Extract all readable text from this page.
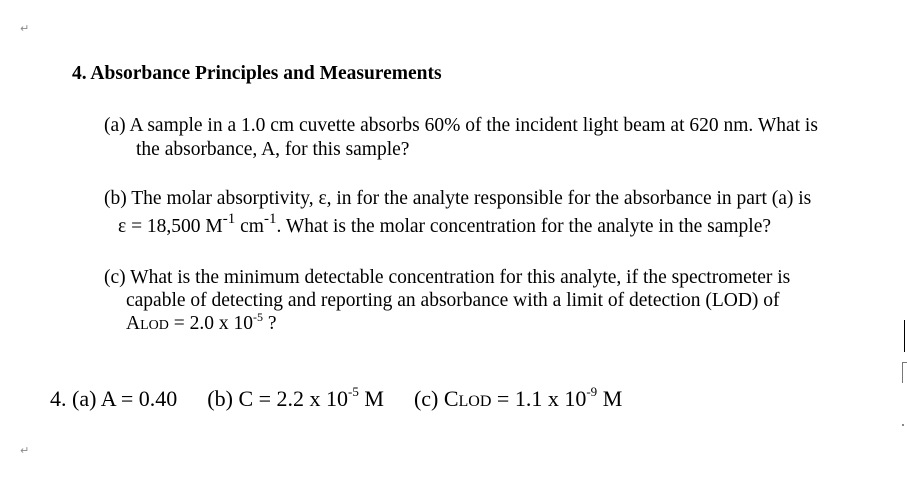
↵
4. Absorbance Principles and Measurements
(a) A sample in a 1.0 cm cuvette absorbs 60% of the incident light beam at 620 nm. What is
the absorbance, A, for this sample?
(b) The molar absorptivity, ε, in for the analyte responsible for the absorbance in part (a) is
ε = 18,500 $M^{-1}$ $cm^{-1}$. What is the molar concentration for the analyte in the sample?
(c) What is the minimum detectable concentration for this analyte, if the spectrometer is
capable of detecting and reporting an absorbance with a limit of detection (LOD) of
ALOD = 2.0 x $10^{-5}$ ?
4. (a) A = 0.40 (b) C = 2.2 x $10^{-5}$ M (c) CLOD = 1.1 x $10^{-9}$ M
↵
